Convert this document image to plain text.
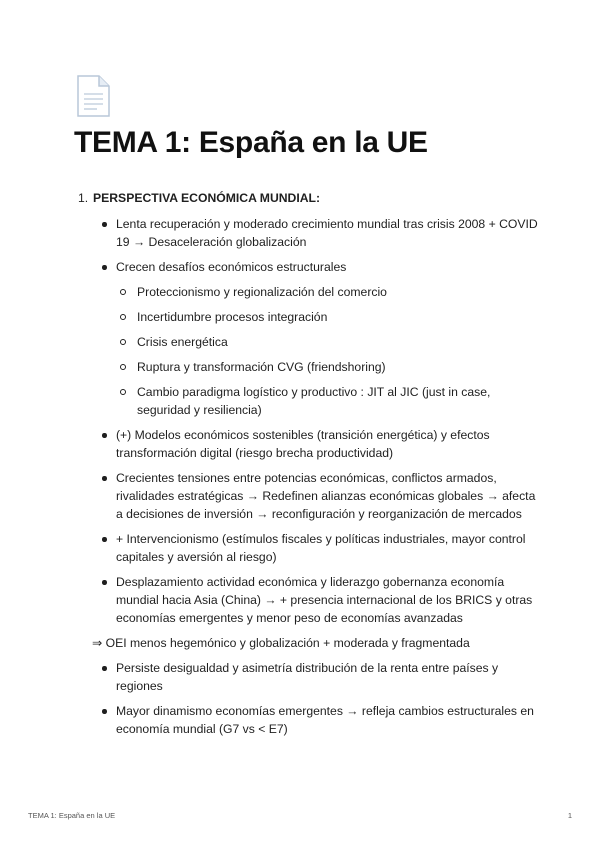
TEMA 1: España en la UE
1. PERSPECTIVA ECONÓMICA MUNDIAL:
Lenta recuperación y moderado crecimiento mundial tras crisis 2008 + COVID 19 → Desaceleración globalización
Crecen desafíos económicos estructurales
Proteccionismo y regionalización del comercio
Incertidumbre procesos integración
Crisis energética
Ruptura y transformación CVG (friendshoring)
Cambio paradigma logístico y productivo : JIT al JIC (just in case, seguridad y resiliencia)
(+) Modelos económicos sostenibles (transición energética) y efectos transformación digital (riesgo brecha productividad)
Crecientes tensiones entre potencias económicas, conflictos armados, rivalidades estratégicas → Redefinen alianzas económicas globales → afecta a decisiones de inversión → reconfiguración y reorganización de mercados
+ Intervencionismo (estímulos fiscales y políticas industriales, mayor control capitales y aversión al riesgo)
Desplazamiento actividad económica y liderazgo gobernanza economía mundial hacia Asia (China) → + presencia internacional de los BRICS y otras economías emergentes y menor peso de economías avanzadas

⇒ OEI menos hegemónico y globalización + moderada y fragmentada

Persiste desigualdad y asimetría distribución de la renta entre países y regiones
Mayor dinamismo economías emergentes → refleja cambios estructurales en economía mundial (G7 vs < E7)
TEMA 1: España en la UE	1
